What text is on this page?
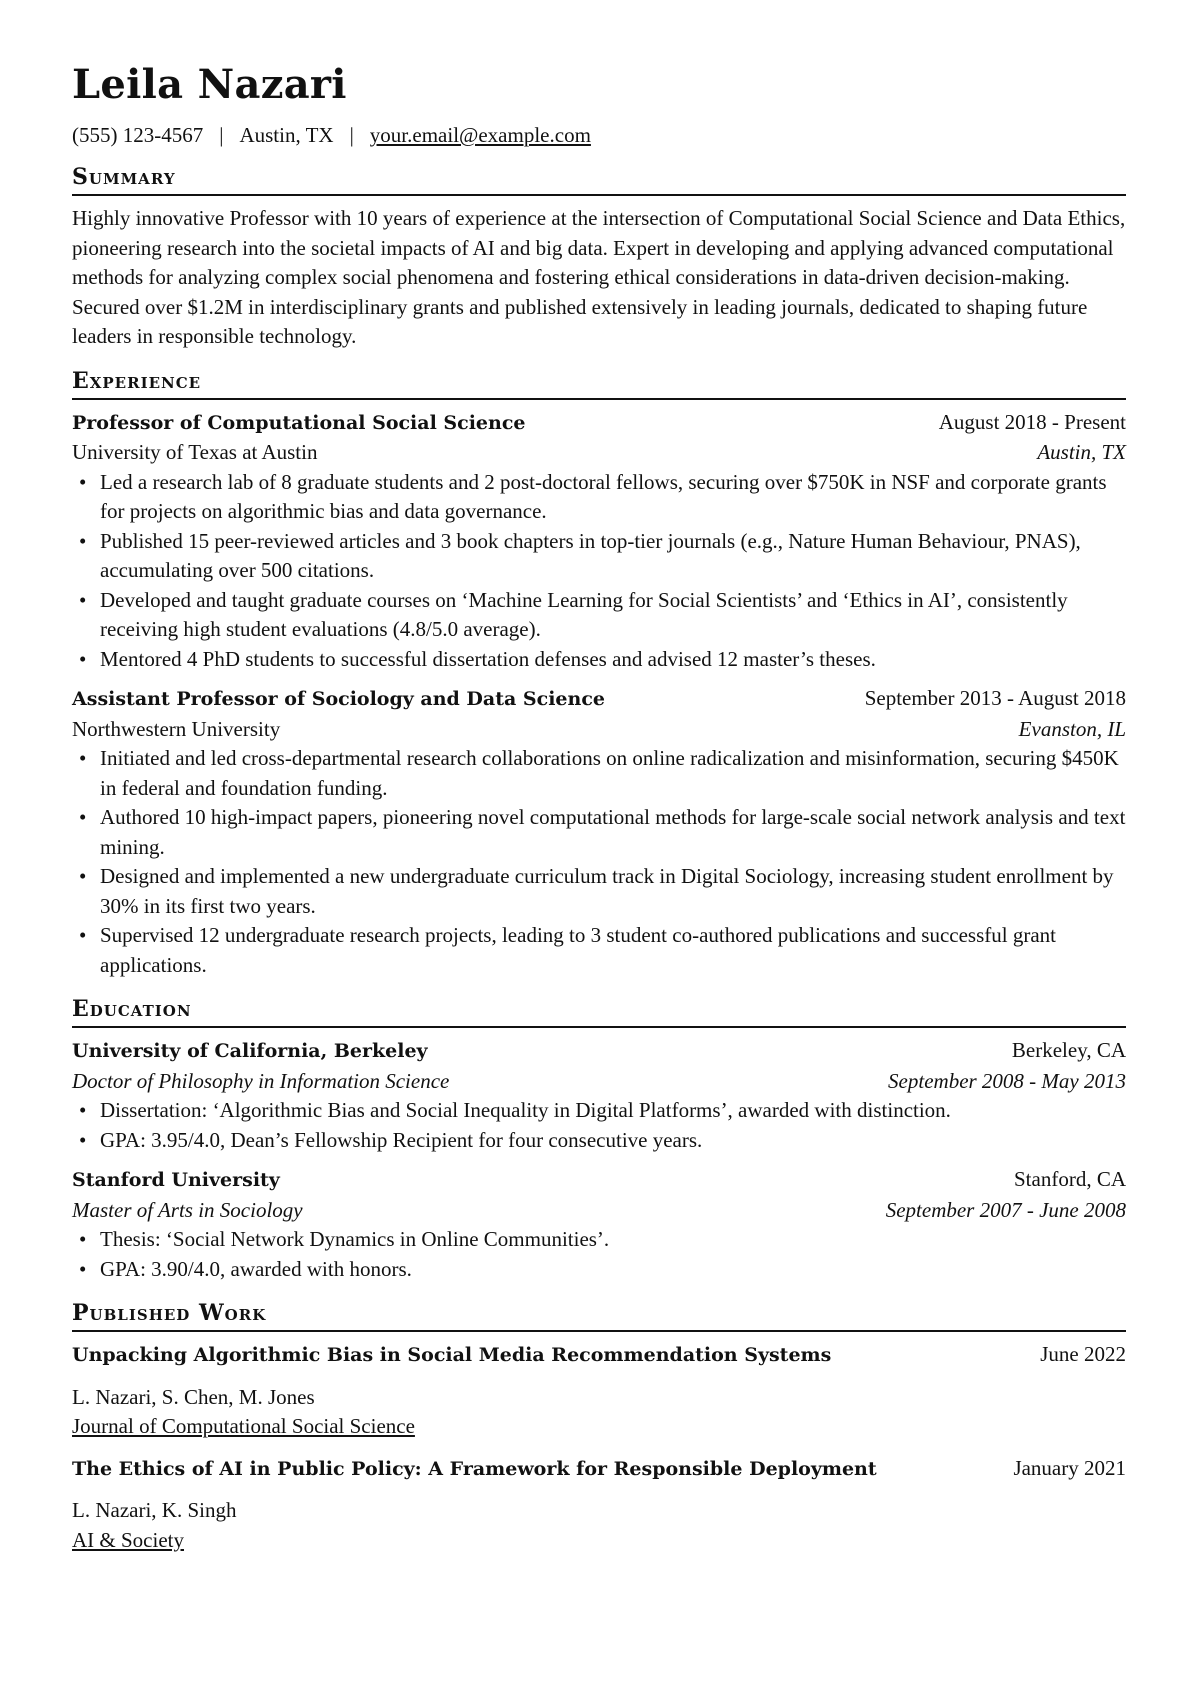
Leila Nazari
(555) 123-4567 | Austin, TX | your.email@example.com
Summary

Highly innovative Professor with 10 years of experience at the intersection of Computational Social Science and Data Ethics, pioneering research into the societal impacts of AI and big data. Expert in developing and applying advanced computational methods for analyzing complex social phenomena and fostering ethical considerations in data-driven decision-making. Secured over $1.2M in interdisciplinary grants and published extensively in leading journals, dedicated to shaping future leaders in responsible technology.

Experience
Professor of Computational Social Science	August 2018 - Present
University of Texas at Austin	Austin, TX
• Led a research lab of 8 graduate students and 2 post-doctoral fellows, securing over $750K in NSF and corporate grants for projects on algorithmic bias and data governance.
• Published 15 peer-reviewed articles and 3 book chapters in top-tier journals (e.g., Nature Human Behaviour, PNAS), accumulating over 500 citations.
• Developed and taught graduate courses on ‘Machine Learning for Social Scientists’ and ‘Ethics in AI’, consistently receiving high student evaluations (4.8/5.0 average).
• Mentored 4 PhD students to successful dissertation defenses and advised 12 master’s theses.
Assistant Professor of Sociology and Data Science	September 2013 - August 2018
Northwestern University	Evanston, IL
• Initiated and led cross-departmental research collaborations on online radicalization and misinformation, securing $450K in federal and foundation funding.
• Authored 10 high-impact papers, pioneering novel computational methods for large-scale social network analysis and text mining.
• Designed and implemented a new undergraduate curriculum track in Digital Sociology, increasing student enrollment by 30% in its first two years.
• Supervised 12 undergraduate research projects, leading to 3 student co-authored publications and successful grant applications.
Education
University of California, Berkeley	Berkeley, CA
Doctor of Philosophy in Information Science	September 2008 - May 2013
• Dissertation: ‘Algorithmic Bias and Social Inequality in Digital Platforms’, awarded with distinction.
• GPA: 3.95/4.0, Dean’s Fellowship Recipient for four consecutive years.
Stanford University	Stanford, CA
Master of Arts in Sociology	September 2007 - June 2008
• Thesis: ‘Social Network Dynamics in Online Communities’.
• GPA: 3.90/4.0, awarded with honors.
Published Work
Unpacking Algorithmic Bias in Social Media Recommendation Systems	June 2022
L. Nazari, S. Chen, M. Jones
Journal of Computational Social Science
The Ethics of AI in Public Policy: A Framework for Responsible Deployment	January 2021
L. Nazari, K. Singh
AI & Society
